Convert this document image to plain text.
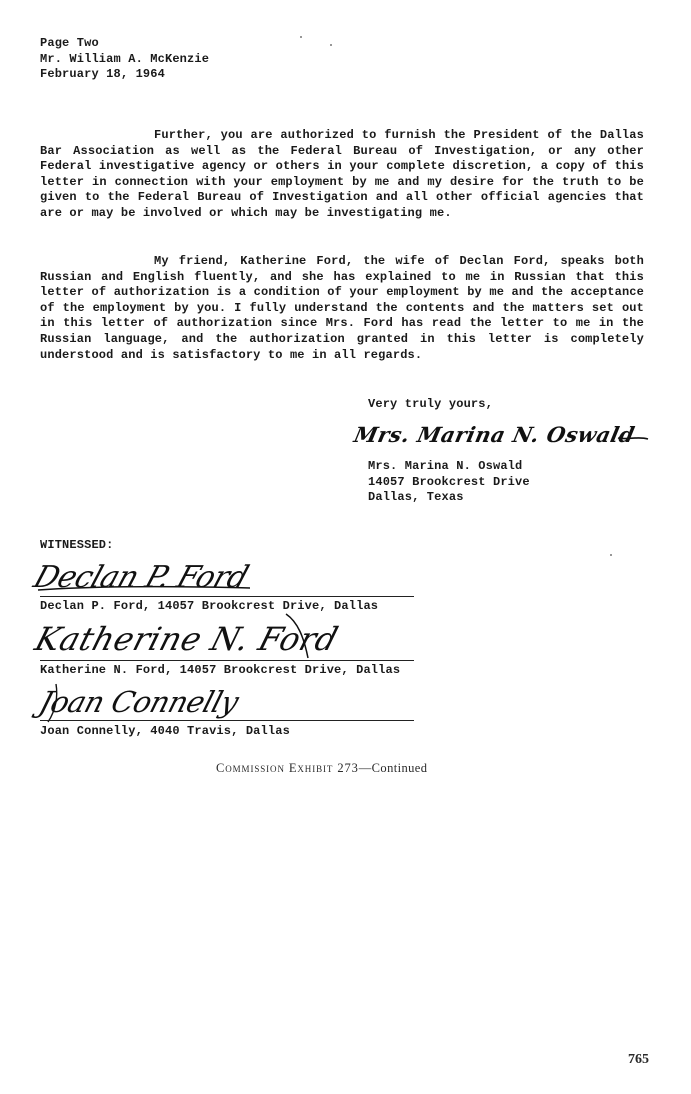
Page Two
Mr. William A. McKenzie
February 18, 1964
Further, you are authorized to furnish the President of the Dallas Bar Association as well as the Federal Bureau of Investigation, or any other Federal investigative agency or others in your complete discretion, a copy of this letter in connection with your employment by me and my desire for the truth to be given to the Federal Bureau of Investigation and all other official agencies that are or may be involved or which may be investigating me.
My friend, Katherine Ford, the wife of Declan Ford, speaks both Russian and English fluently, and she has explained to me in Russian that this letter of authorization is a condition of your employment by me and the acceptance of the employment by you. I fully understand the contents and the matters set out in this letter of authorization since Mrs. Ford has read the letter to me in the Russian language, and the authorization granted in this letter is completely understood and is satisfactory to me in all regards.
Very truly yours,
Mrs. Marina N. Oswald
Mrs. Marina N. Oswald
14057 Brookcrest Drive
Dallas, Texas
WITNESSED:
Declan P. Ford
Declan P. Ford, 14057 Brookcrest Drive, Dallas
Katherine N. Ford
Katherine N. Ford, 14057 Brookcrest Drive, Dallas
Joan Connelly
Joan Connelly, 4040 Travis, Dallas
Commission Exhibit 273—Continued
765
